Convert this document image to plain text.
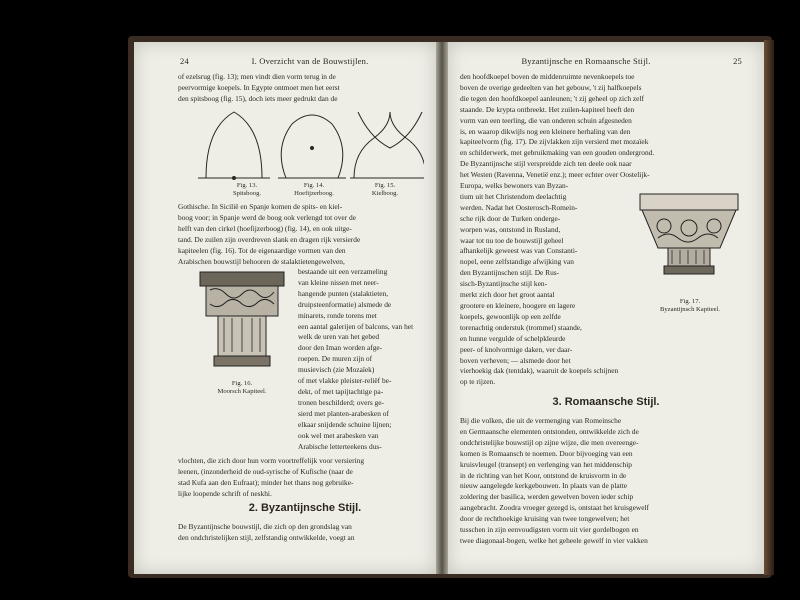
24	I. Overzicht van de Bouwstijlen.
of ezelsrug (fig. 13); men vindt dien vorm terug in de
peervormige koepels. In Egypte ontmoet men het eerst
den spitsboog (fig. 15), doch iets meer gedrukt dan de
Fig. 13.
Spitsboog.
Fig. 14.
Hoefijzerboog.
Fig. 15.
Kielboog.
Gothische. In Sicilië en Spanje komen de spits- en kiel-
boog voor; in Spanje werd de boog ook verlengd tot over de
helft van den cirkel (hoefijzerboog) (fig. 14), en ook uitge-
tand. De zuilen zijn overdreven slank en dragen rijk versierde
kapiteelen (fig. 16). Tot de eigenaardige vormen van den
Arabischen bouwstijl behooren de stalaktietengewelven,
Fig. 16.
Moorsch Kapiteel.
bestaande uit een verzameling
van kleine nissen met neer-
hangende punten (stalaktieten,
druipsteenformatie) alsmede de
minarets, ronde torens met
een aantal galerijen of balcons, van het
welk de uren van het gebed
door den Iman worden afge-
roepen. De muren zijn of
musievisch (zie Mozaïek)
of met vlakke pleister-reliëf be-
dekt, of met tapijtachtige pa-
tronen beschilderd; overs ge-
sierd met planten-arabesken of
elkaar snijdende schuine lijnen;
ook wel met arabesken van
Arabische letterteekens dus-
vlochten, die zich door hun vorm voortreffelijk voor versiering
leenen, (inzonderheid de oud-syrische of Kufische (naar de
stad Kufa aan den Eufraat); minder het thans nog gebruike-
lijke loopende schrift of neskhi.
2. Byzantijnsche Stijl.
De Byzantijnsche bouwstijl, die zich op den grondslag van
den ondchristelijken stijl, zelfstandig ontwikkelde, voegt an
Byzantijnsche en Romaansche Stijl.	25
den hoofdkoepel boven de middenruimte nevenkoepels toe
boven de overige gedeelten van het gebouw, 't zij halfkoepels
die tegen den hoofdkoepel aanleunen; 't zij geheel op zich zelf
staande. De krypta ontbreekt. Het zuilen-kapiteel heeft den
vorm van een teerling, die van onderen schuin afgesneden
is, en waarop dikwijls nog een kleinere herhaling van den
kapiteelvorm (fig. 17). De zijvlakken zijn versierd met mozaïek
en schilderwerk, met gebruikmaking van een gouden ondergrond.
De Byzantijnsche stijl verspreidde zich ten deele ook naar
het Westen (Ravenna, Venetië enz.); meer echter over Oostelijk-
Europa, welks bewoners van Byzan-
tium uit het Christendom deelachtig
werden. Nadat het Oosterosch-Romein-
sche rijk door de Turken onderge-
worpen was, ontstond in Rusland,
waar tot nu toe de bouwstijl geheel
afhankelijk geweest was van Constanti-
nopel, eene zelfstandige afwijking van
den Byzantijnschen stijl. De Rus-
sisch-Byzantijnsche stijl ken-
merkt zich door het groot aantal
grootere en kleinere, hoogere en lagere
koepels, gewoonlijk op een zelfde
torenachtig onderstuk (trommel) staande,
en hunne vergulde of schelpkleurde
peer- of knolvormige daken, ver daar-
boven verheven; — alsmede door het
vierhoekig dak (tentdak), waaruit de koepels schijnen
op te rijzen.
Fig. 17.
Byzantijnsch Kapiteel.
3. Romaansche Stijl.
Bij die volken, die uit de vermenging van Romeinsche
en Germaansche elementen ontstonden, ontwikkelde zich de
ondchristelijke bouwstijl op zijne wijze, die men overeenge-
komen is Romaansch te noemen. Door bijvoeging van een
kruisvleugel (transept) en verlenging van het middenschip
in de richting van het Koor, ontstond de kruisvorm in de
nieuw aangelegde kerkgebouwen. In plaats van de platte
zoldering der basilica, werden gewelven boven ieder schip
aangebracht. Zoodra vroeger gezegd is, ontstaat het kruisgewelf
door de rechthoekige kruising van twee tongewelven; het
tusschen in zijn eenvoudigsten vorm uit vier gordelbogen en
twee diagonaal-bogen, welke het geheele gewelf in vier vakken
